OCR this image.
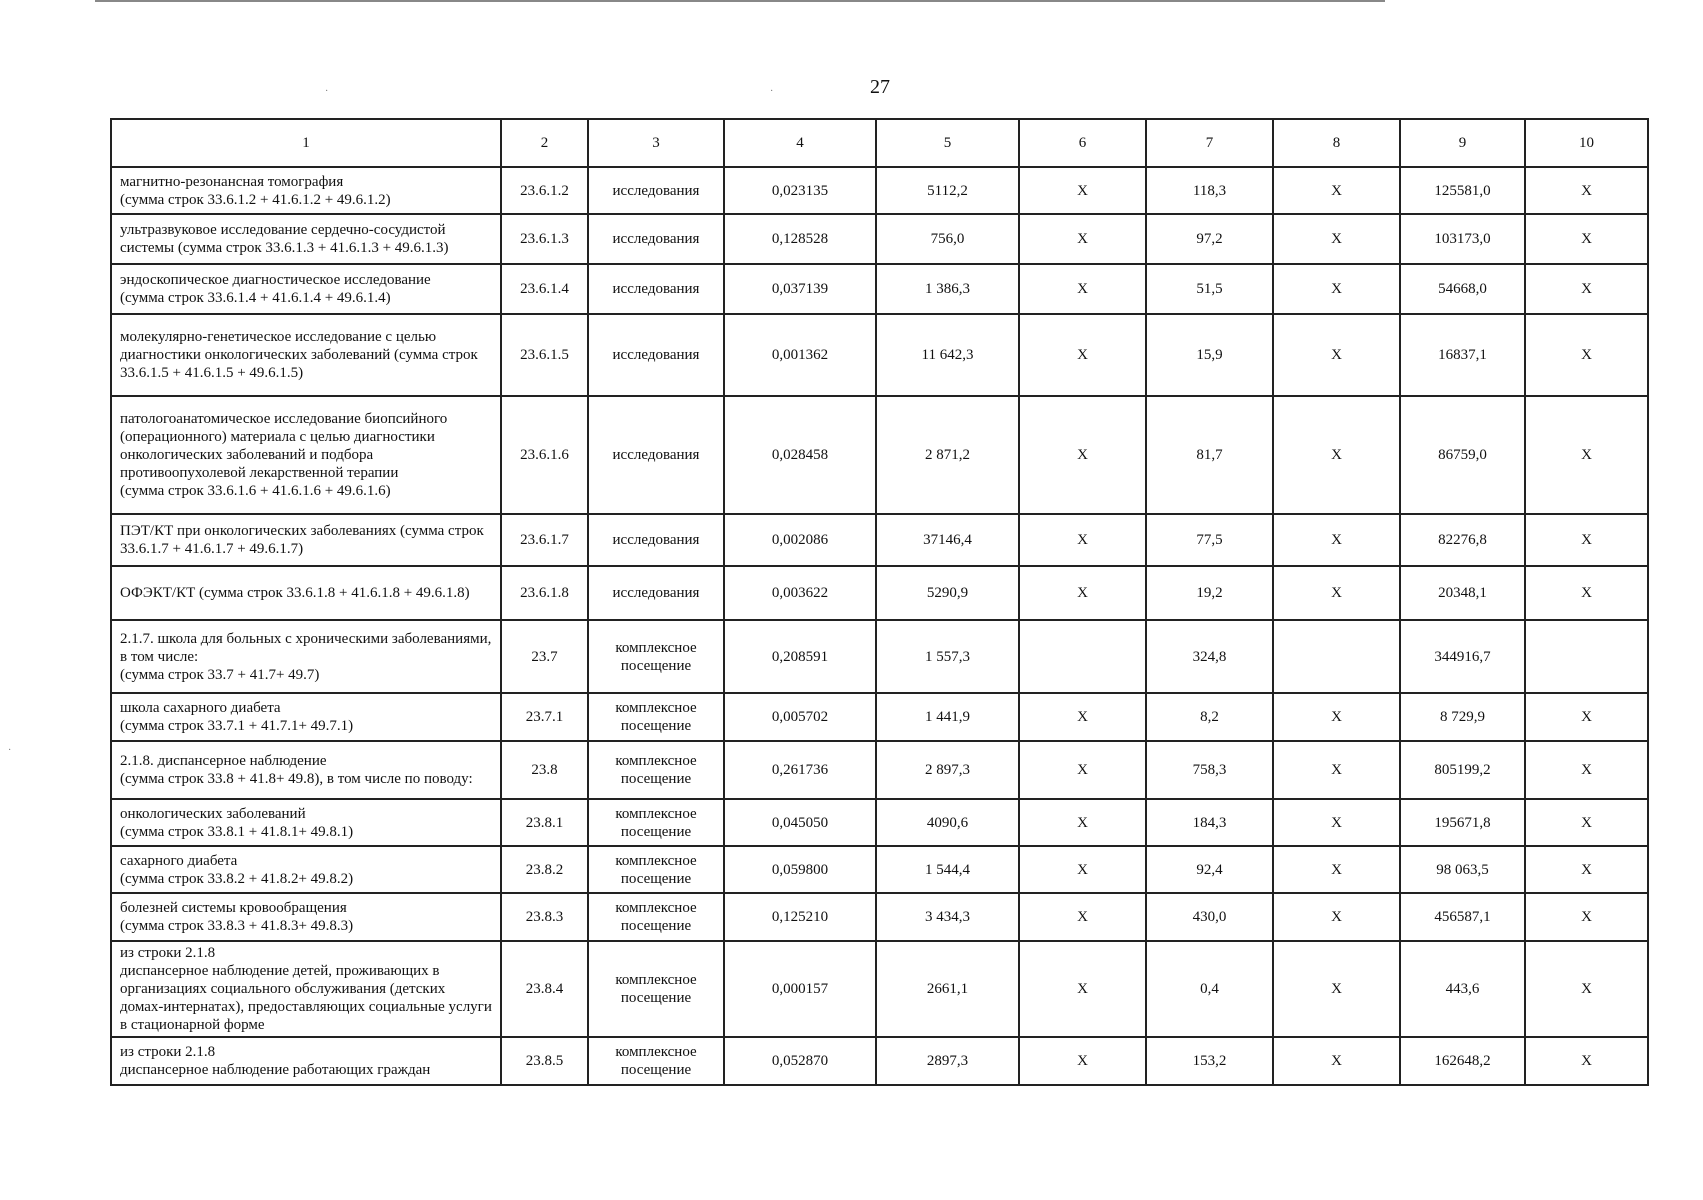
27
1	2	3	4	5	6	7	8	9	10
магнитно-резонансная томография
(сумма строк 33.6.1.2 + 41.6.1.2 + 49.6.1.2)	23.6.1.2	исследования	0,023135	5112,2	Х	118,3	Х	125581,0	Х
ультразвуковое исследование сердечно-сосудистой системы (сумма строк 33.6.1.3 + 41.6.1.3 + 49.6.1.3)	23.6.1.3	исследования	0,128528	756,0	Х	97,2	Х	103173,0	Х
эндоскопическое диагностическое исследование
(сумма строк 33.6.1.4 + 41.6.1.4 + 49.6.1.4)	23.6.1.4	исследования	0,037139	1 386,3	Х	51,5	Х	54668,0	Х
молекулярно-генетическое исследование с целью диагностики онкологических заболеваний (сумма строк 33.6.1.5 + 41.6.1.5 + 49.6.1.5)	23.6.1.5	исследования	0,001362	11 642,3	Х	15,9	Х	16837,1	Х
патологоанатомическое исследование биопсийного (операционного) материала с целью диагностики онкологических заболеваний и подбора противоопухолевой лекарственной терапии
(сумма строк 33.6.1.6 + 41.6.1.6 + 49.6.1.6)	23.6.1.6	исследования	0,028458	2 871,2	Х	81,7	Х	86759,0	Х
ПЭТ/КТ при онкологических заболеваниях (сумма строк 33.6.1.7 + 41.6.1.7 + 49.6.1.7)	23.6.1.7	исследования	0,002086	37146,4	Х	77,5	Х	82276,8	Х
ОФЭКТ/КТ (сумма строк 33.6.1.8 + 41.6.1.8 + 49.6.1.8)	23.6.1.8	исследования	0,003622	5290,9	Х	19,2	Х	20348,1	Х
2.1.7. школа для больных с хроническими заболеваниями, в том числе:
(сумма строк 33.7 + 41.7+ 49.7)	23.7	комплексное посещение	0,208591	1 557,3		324,8		344916,7	
школа сахарного диабета
(сумма строк 33.7.1 + 41.7.1+ 49.7.1)	23.7.1	комплексное посещение	0,005702	1 441,9	Х	8,2	Х	8 729,9	Х
2.1.8. диспансерное наблюдение
(сумма строк 33.8 + 41.8+ 49.8), в том числе по поводу:	23.8	комплексное посещение	0,261736	2 897,3	Х	758,3	Х	805199,2	Х
онкологических заболеваний
(сумма строк 33.8.1 + 41.8.1+ 49.8.1)	23.8.1	комплексное посещение	0,045050	4090,6	Х	184,3	Х	195671,8	Х
сахарного диабета
(сумма строк 33.8.2 + 41.8.2+ 49.8.2)	23.8.2	комплексное посещение	0,059800	1 544,4	Х	92,4	Х	98 063,5	Х
болезней системы кровообращения
(сумма строк 33.8.3 + 41.8.3+ 49.8.3)	23.8.3	комплексное посещение	0,125210	3 434,3	Х	430,0	Х	456587,1	Х
из строки 2.1.8
диспансерное наблюдение детей, проживающих в организациях социального обслуживания (детских домах-интернатах), предоставляющих социальные услуги в стационарной форме	23.8.4	комплексное посещение	0,000157	2661,1	Х	0,4	Х	443,6	Х
из строки 2.1.8
диспансерное наблюдение работающих граждан	23.8.5	комплексное посещение	0,052870	2897,3	Х	153,2	Х	162648,2	Х
·	·
·
